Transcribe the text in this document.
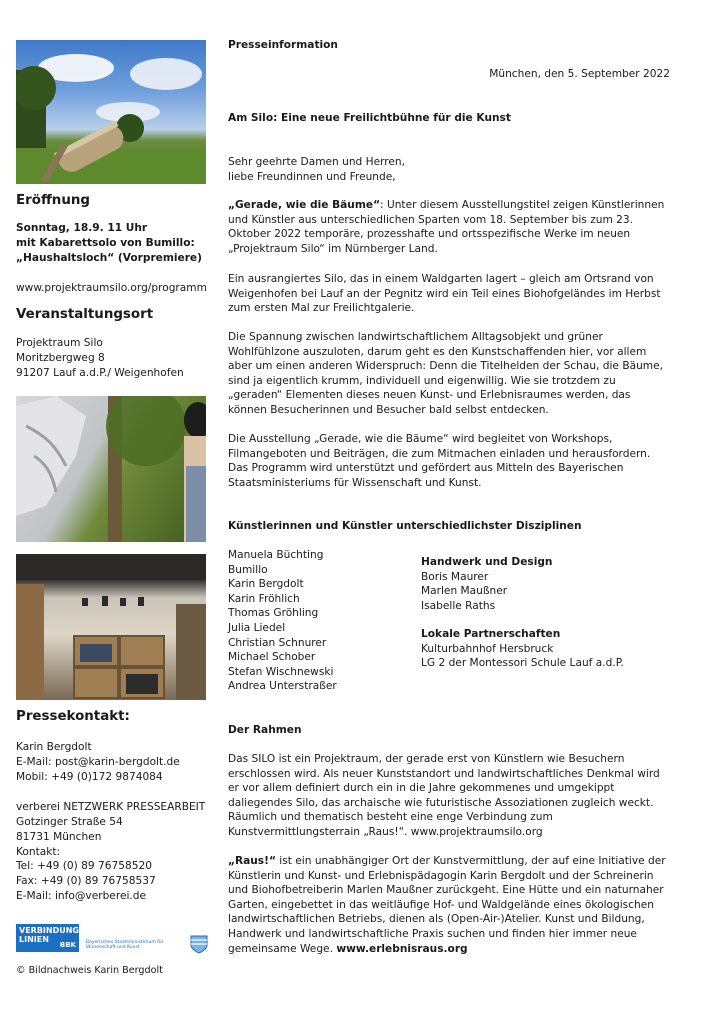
Eröffnung
Sonntag, 18.9. 11 Uhr
mit Kabarettsolo von Bumillo:
„Haushaltsloch“ (Vorpremiere)
www.projektraumsilo.org/programm
Veranstaltungsort
Projektraum Silo
Moritzbergweg 8
91207 Lauf a.d.P./ Weigenhofen
Pressekontakt:
Karin Bergdolt
E-Mail: post@karin-bergdolt.de
Mobil: +49 (0)172 9874084
verberei NETZWERK PRESSEARBEIT
Gotzinger Straße 54
81731 München
Kontakt:
Tel: +49 (0) 89 76758520
Fax: +49 (0) 89 76758537
E-Mail: info@verberei.de
VERBINDUNGS
LINIEN
BBK Bayerisches Staatsministerium für Wissenschaft und Kunst
© Bildnachweis Karin Bergdolt
Presseinformation
München, den 5. September 2022
Am Silo: Eine neue Freilichtbühne für die Kunst
Sehr geehrte Damen und Herren,
liebe Freundinnen und Freunde,

„Gerade, wie die Bäume“: Unter diesem Ausstellungstitel zeigen Künstlerinnen und Künstler aus unterschiedlichen Sparten vom 18. September bis zum 23. Oktober 2022 temporäre, prozesshafte und ortsspezifische Werke im neuen „Projektraum Silo“ im Nürnberger Land.

Ein ausrangiertes Silo, das in einem Waldgarten lagert – gleich am Ortsrand von Weigenhofen bei Lauf an der Pegnitz wird ein Teil eines Biohofgeländes im Herbst zum ersten Mal zur Freilichtgalerie.

Die Spannung zwischen landwirtschaftlichem Alltagsobjekt und grüner Wohlfühlzone auszuloten, darum geht es den Kunstschaffenden hier, vor allem aber um einen anderen Widerspruch: Denn die Titelhelden der Schau, die Bäume, sind ja eigentlich krumm, individuell und eigenwillig. Wie sie trotzdem zu „geraden“ Elementen dieses neuen Kunst- und Erlebnisraumes werden, das können Besucherinnen und Besucher bald selbst entdecken.

Die Ausstellung „Gerade, wie die Bäume“ wird begleitet von Workshops, Filmangeboten und Beiträgen, die zum Mitmachen einladen und herausfordern. Das Programm wird unterstützt und gefördert aus Mitteln des Bayerischen Staatsministeriums für Wissenschaft und Kunst.

Künstlerinnen und Künstler unterschiedlichster Disziplinen
Manuela Büchting
Bumillo
Karin Bergdolt
Karin Fröhlich
Thomas Gröhling
Julia Liedel
Christian Schnurer
Michael Schober
Stefan Wischnewski
Andrea Unterstraßer
Handwerk und Design
Boris Maurer
Marlen Maußner
Isabelle Raths
Lokale Partnerschaften
Kulturbahnhof Hersbruck
LG 2 der Montessori Schule Lauf a.d.P.
Der Rahmen

Das SILO ist ein Projektraum, der gerade erst von Künstlern wie Besuchern erschlossen wird. Als neuer Kunststandort und landwirtschaftliches Denkmal wird er vor allem definiert durch ein in die Jahre gekommenes und umgekippt daliegendes Silo, das archaische wie futuristische Assoziationen zugleich weckt. Räumlich und thematisch besteht eine enge Verbindung zum Kunstvermittlungsterrain „Raus!“. www.projektraumsilo.org

„Raus!“ ist ein unabhängiger Ort der Kunstvermittlung, der auf eine Initiative der Künstlerin und Kunst- und Erlebnispädagogin Karin Bergdolt und der Schreinerin und Biohofbetreiberin Marlen Maußner zurückgeht. Eine Hütte und ein naturnaher Garten, eingebettet in das weitläufige Hof- und Waldgelände eines ökologischen landwirtschaftlichen Betriebs, dienen als (Open-Air-)Atelier. Kunst und Bildung, Handwerk und landwirtschaftliche Praxis suchen und finden hier immer neue gemeinsame Wege. www.erlebnisraus.org
